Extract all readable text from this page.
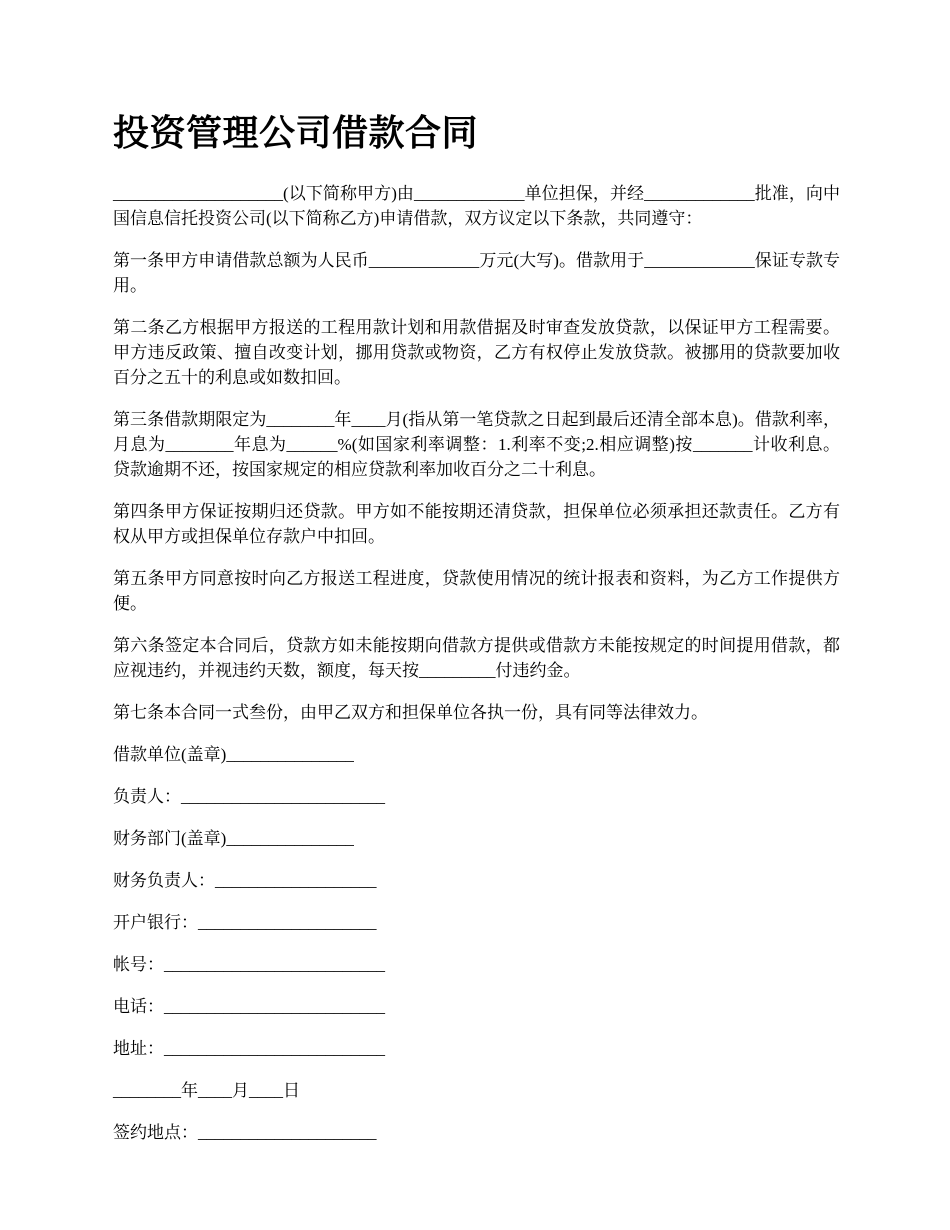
投资管理公司借款合同

____________________(以下简称甲方)由_____________单位担保，并经_____________批准，向中国信息信托投资公司(以下简称乙方)申请借款，双方议定以下条款，共同遵守：

第一条甲方申请借款总额为人民币_____________万元(大写)。借款用于_____________保证专款专用。

第二条乙方根据甲方报送的工程用款计划和用款借据及时审查发放贷款，以保证甲方工程需要。甲方违反政策、擅自改变计划，挪用贷款或物资，乙方有权停止发放贷款。被挪用的贷款要加收百分之五十的利息或如数扣回。

第三条借款期限定为________年____月(指从第一笔贷款之日起到最后还清全部本息)。借款利率，月息为________年息为______%(如国家利率调整：1.利率不变;2.相应调整)按_______计收利息。贷款逾期不还，按国家规定的相应贷款利率加收百分之二十利息。

第四条甲方保证按期归还贷款。甲方如不能按期还清贷款，担保单位必须承担还款责任。乙方有权从甲方或担保单位存款户中扣回。

第五条甲方同意按时向乙方报送工程进度，贷款使用情况的统计报表和资料，为乙方工作提供方便。

第六条签定本合同后，贷款方如未能按期向借款方提供或借款方未能按规定的时间提用借款，都应视违约，并视违约天数，额度，每天按_________付违约金。

第七条本合同一式叁份，由甲乙双方和担保单位各执一份，具有同等法律效力。

借款单位(盖章)_______________

负责人：________________________

财务部门(盖章)_______________

财务负责人：___________________

开户银行：_____________________

帐号：__________________________

电话：__________________________

地址：__________________________

________年____月____日

签约地点：_____________________
